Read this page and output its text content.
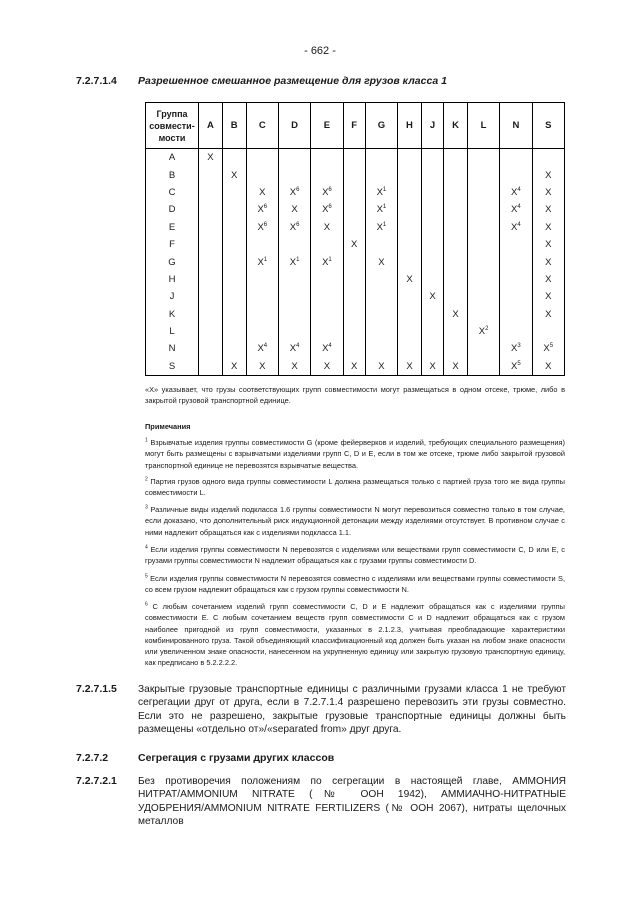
- 662 -
7.2.7.1.4 Разрешенное смешанное размещение для грузов класса 1
Группа
совмести-
мости	A	B	C	D	E	F	G	H	J	K	L	N	S
A	X												
B		X											X
C			X	$X^6$	$X^6$		$X^1$					$X^4$	X
D			$X^6$	X	$X^6$		$X^1$					$X^4$	X
E			$X^6$	$X^6$	X		$X^1$					$X^4$	X
F						X							X
G			$X^1$	$X^1$	$X^1$		X						X
H								X					X
J									X				X
K										X			X
L											$X^2$		
N			$X^4$	$X^4$	$X^4$							$X^3$	$X^5$
S		X	X	X	X	X	X	X	X	X		$X^5$	X
«X» указывает, что грузы соответствующих групп совместимости могут размещаться в одном отсеке, трюме, либо в закрытой грузовой транспортной единице.
Примечания
$^1$ Взрывчатые изделия группы совместимости G (кроме фейерверков и изделий, требующих специального размещения) могут быть размещены с взрывчатыми изделиями групп C, D и E, если в том же отсеке, трюме либо закрытой грузовой транспортной единице не перевозятся взрывчатые вещества.
$^2$ Партия грузов одного вида группы совместимости L должна размещаться только с партией груза того же вида группы совместимости L.
$^3$ Различные виды изделий подкласса 1.6 группы совместимости N могут перевозиться совместно только в том случае, если доказано, что дополнительный риск индукционной детонации между изделиями отсутствует. В противном случае с ними надлежит обращаться как с изделиями подкласса 1.1.
$^4$ Если изделия группы совместимости N перевозятся с изделиями или веществами групп совместимости C, D или E, с грузами группы совместимости N надлежит обращаться как с грузами группы совместимости D.
$^5$ Если изделия группы совместимости N перевозятся совместно с изделиями или веществами группы совместимости S, со всем грузом надлежит обращаться как с грузом группы совместимости N.
$^6$ С любым сочетанием изделий групп совместимости C, D и E надлежит обращаться как с изделиями группы совместимости E. С любым сочетанием веществ групп совместимости C и D надлежит обращаться как с грузом наиболее пригодной из групп совместимости, указанных в 2.1.2.3, учитывая преобладающие характеристики комбинированного груза. Такой объединяющий классификационный код должен быть указан на любом знаке опасности или увеличенном знаке опасности, нанесенном на укрупненную единицу или закрытую грузовую транспортную единицу, как предписано в 5.2.2.2.2.
7.2.7.1.5 Закрытые грузовые транспортные единицы с различными грузами класса 1 не требуют сегрегации друг от друга, если в 7.2.7.1.4 разрешено перевозить эти грузы совместно. Если это не разрешено, закрытые грузовые транспортные единицы должны быть размещены «отдельно от»/«separated from» друг друга.
7.2.7.2	Сегрегация с грузами других классов
7.2.7.2.1 Без противоречия положениям по сегрегации в настоящей главе, АММОНИЯ НИТРАТ/AMMONIUM NITRATE (№ ООН 1942), АММИАЧНО-НИТРАТНЫЕ УДОБРЕНИЯ/AMMONIUM NITRATE FERTILIZERS (№ ООН 2067), нитраты щелочных металлов
